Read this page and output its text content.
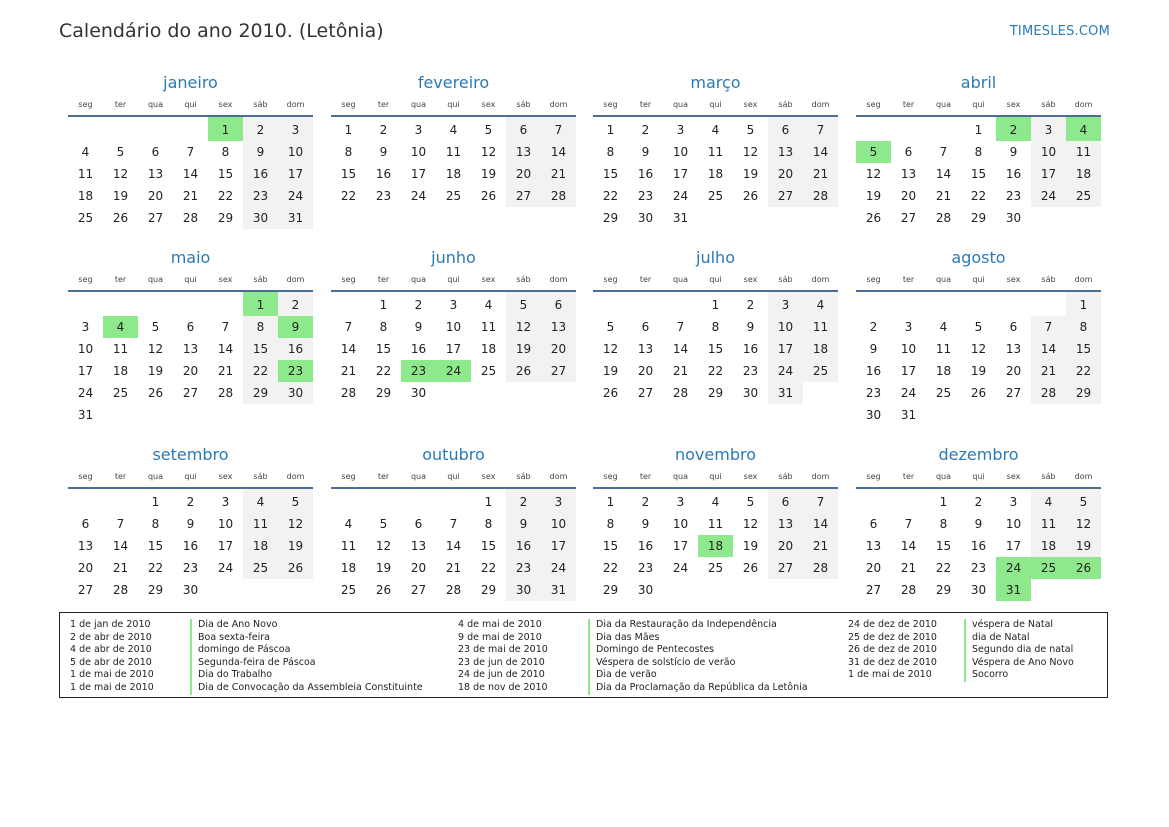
Calendário do ano 2010. (Letônia)	TIMESLES.COM
janeiro
seg	ter	qua	qui	sex	sáb	dom
				1	2	3
4	5	6	7	8	9	10
11	12	13	14	15	16	17
18	19	20	21	22	23	24
25	26	27	28	29	30	31
fevereiro
seg	ter	qua	qui	sex	sáb	dom
1	2	3	4	5	6	7
8	9	10	11	12	13	14
15	16	17	18	19	20	21
22	23	24	25	26	27	28
março
seg	ter	qua	qui	sex	sáb	dom
1	2	3	4	5	6	7
8	9	10	11	12	13	14
15	16	17	18	19	20	21
22	23	24	25	26	27	28
29	30	31				
abril
seg	ter	qua	qui	sex	sáb	dom
			1	2	3	4
5	6	7	8	9	10	11
12	13	14	15	16	17	18
19	20	21	22	23	24	25
26	27	28	29	30		
maio
seg	ter	qua	qui	sex	sáb	dom
					1	2
3	4	5	6	7	8	9
10	11	12	13	14	15	16
17	18	19	20	21	22	23
24	25	26	27	28	29	30
31						
junho
seg	ter	qua	qui	sex	sáb	dom
	1	2	3	4	5	6
7	8	9	10	11	12	13
14	15	16	17	18	19	20
21	22	23	24	25	26	27
28	29	30				
julho
seg	ter	qua	qui	sex	sáb	dom
			1	2	3	4
5	6	7	8	9	10	11
12	13	14	15	16	17	18
19	20	21	22	23	24	25
26	27	28	29	30	31	
agosto
seg	ter	qua	qui	sex	sáb	dom
						1
2	3	4	5	6	7	8
9	10	11	12	13	14	15
16	17	18	19	20	21	22
23	24	25	26	27	28	29
30	31					
setembro
seg	ter	qua	qui	sex	sáb	dom
		1	2	3	4	5
6	7	8	9	10	11	12
13	14	15	16	17	18	19
20	21	22	23	24	25	26
27	28	29	30			
outubro
seg	ter	qua	qui	sex	sáb	dom
				1	2	3
4	5	6	7	8	9	10
11	12	13	14	15	16	17
18	19	20	21	22	23	24
25	26	27	28	29	30	31
novembro
seg	ter	qua	qui	sex	sáb	dom
1	2	3	4	5	6	7
8	9	10	11	12	13	14
15	16	17	18	19	20	21
22	23	24	25	26	27	28
29	30					
dezembro
seg	ter	qua	qui	sex	sáb	dom
		1	2	3	4	5
6	7	8	9	10	11	12
13	14	15	16	17	18	19
20	21	22	23	24	25	26
27	28	29	30	31		
1 de jan de 2010	Dia de Ano Novo
2 de abr de 2010	Boa sexta-feira
4 de abr de 2010	domingo de Páscoa
5 de abr de 2010	Segunda-feira de Páscoa
1 de mai de 2010	Dia do Trabalho
1 de mai de 2010	Dia de Convocação da Assembleia Constituinte
4 de mai de 2010	Dia da Restauração da Independência
9 de mai de 2010	Dia das Mães
23 de mai de 2010	Domingo de Pentecostes
23 de jun de 2010	Véspera de solstício de verão
24 de jun de 2010	Dia de verão
18 de nov de 2010	Dia da Proclamação da República da Letônia
24 de dez de 2010	véspera de Natal
25 de dez de 2010	dia de Natal
26 de dez de 2010	Segundo dia de natal
31 de dez de 2010	Véspera de Ano Novo
1 de mai de 2010	Socorro
